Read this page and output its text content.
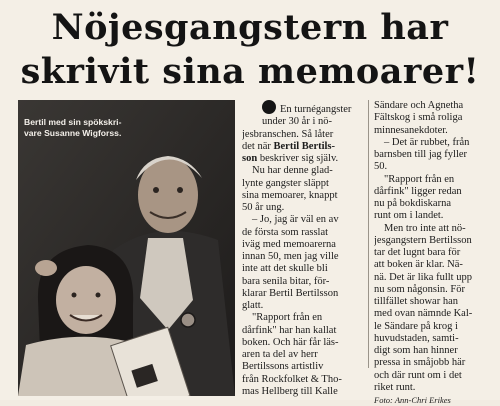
Nöjesgangstern har
skrivit sina memoarer!
Bertil med sin spökskri-
vare Susanne Wigforss.
En turnégangster
under 30 år i nö-
jesbranschen. Så låter
det när Bertil Bertils-
son beskriver sig själv.
Nu har denne glad-
lynte gangster släppt
sina memoarer, knappt
50 år ung.
– Jo, jag är väl en av
de första som rasslat
iväg med memoarerna
innan 50, men jag ville
inte att det skulle bli
bara senila bitar, för-
klarar Bertil Bertilsson
glatt.
"Rapport från en
dårfink" har han kallat
boken. Och här får läs-
aren ta del av herr
Bertilssons artistliv
från Rockfolket & Tho-
mas Hellberg till Kalle
Sändare och Agnetha
Fältskog i små roliga
minnesanekdoter.
– Det är rubbet, från
barnsben till jag fyller
50.
"Rapport från en
dårfink" ligger redan
nu på bokdiskarna
runt om i landet.
Men tro inte att nö-
jesgangstern Bertilsson
tar det lugnt bara för
att boken är klar. Nä-
nä. Det är lika fullt upp
nu som någonsin. För
tillfället showar han
med ovan nämnde Kal-
le Sändare på krog i
huvudstaden, samti-
digt som han hinner
pressa in småjobb här
och där runt om i det
riket runt.
Foto: Ann-Chri Erikes
